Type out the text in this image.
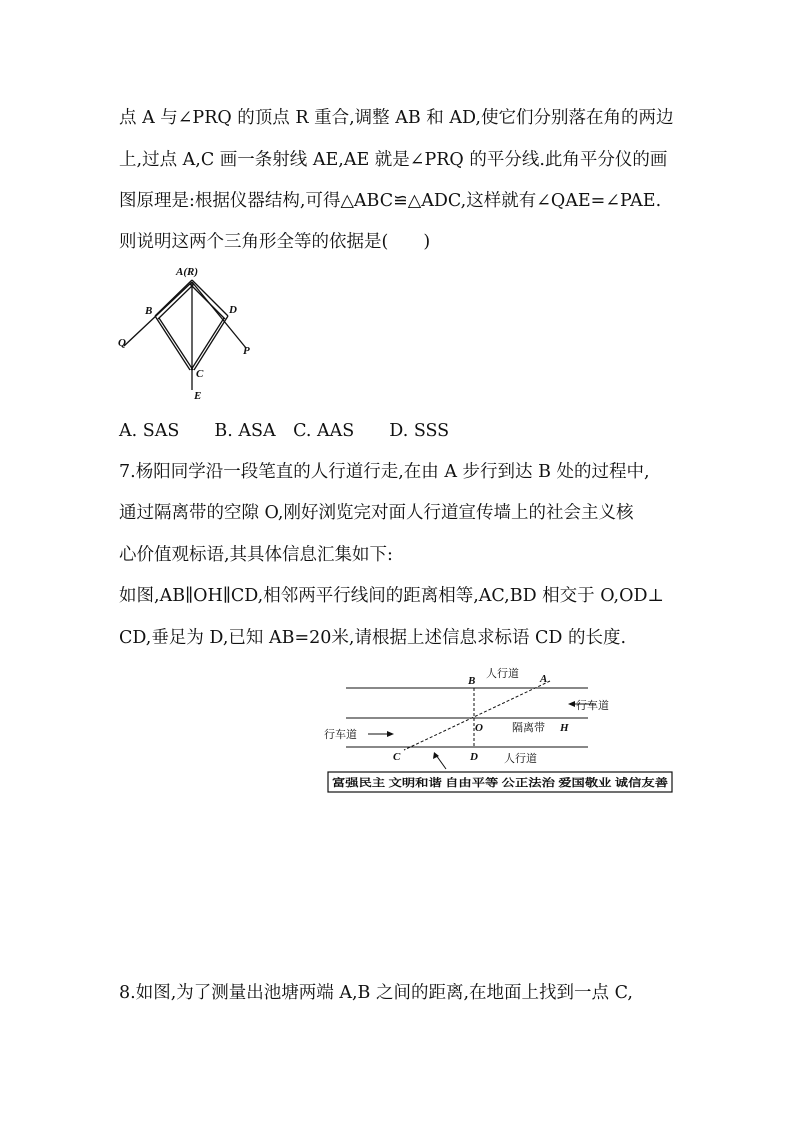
点 A 与∠PRQ 的顶点 R 重合,调整 AB 和 AD,使它们分别落在角的两边
上,过点 A,C 画一条射线 AE,AE 就是∠PRQ 的平分线.此角平分仪的画
图原理是:根据仪器结构,可得△ABC≌△ADC,这样就有∠QAE=∠PAE.
则说明这两个三角形全等的依据是(　　)
A(R)
B	D
Q
P
C
E
A. SAS　　B. ASA　C. AAS　　D. SSS
7.杨阳同学沿一段笔直的人行道行走,在由 A 步行到达 B 处的过程中,
通过隔离带的空隙 O,刚好浏览完对面人行道宣传墙上的社会主义核
心价值观标语,其具体信息汇集如下:
如图,AB∥OH∥CD,相邻两平行线间的距离相等,AC,BD 相交于 O,OD⊥
CD,垂足为 D,已知 AB=20米,请根据上述信息求标语 CD 的长度.
B	A
O	H
C	D
人行道
行车道
隔离带
行车道
人行道
富强民主 文明和谐 自由平等 公正法治 爱国敬业 诚信友善
8.如图,为了测量出池塘两端 A,B 之间的距离,在地面上找到一点 C,
